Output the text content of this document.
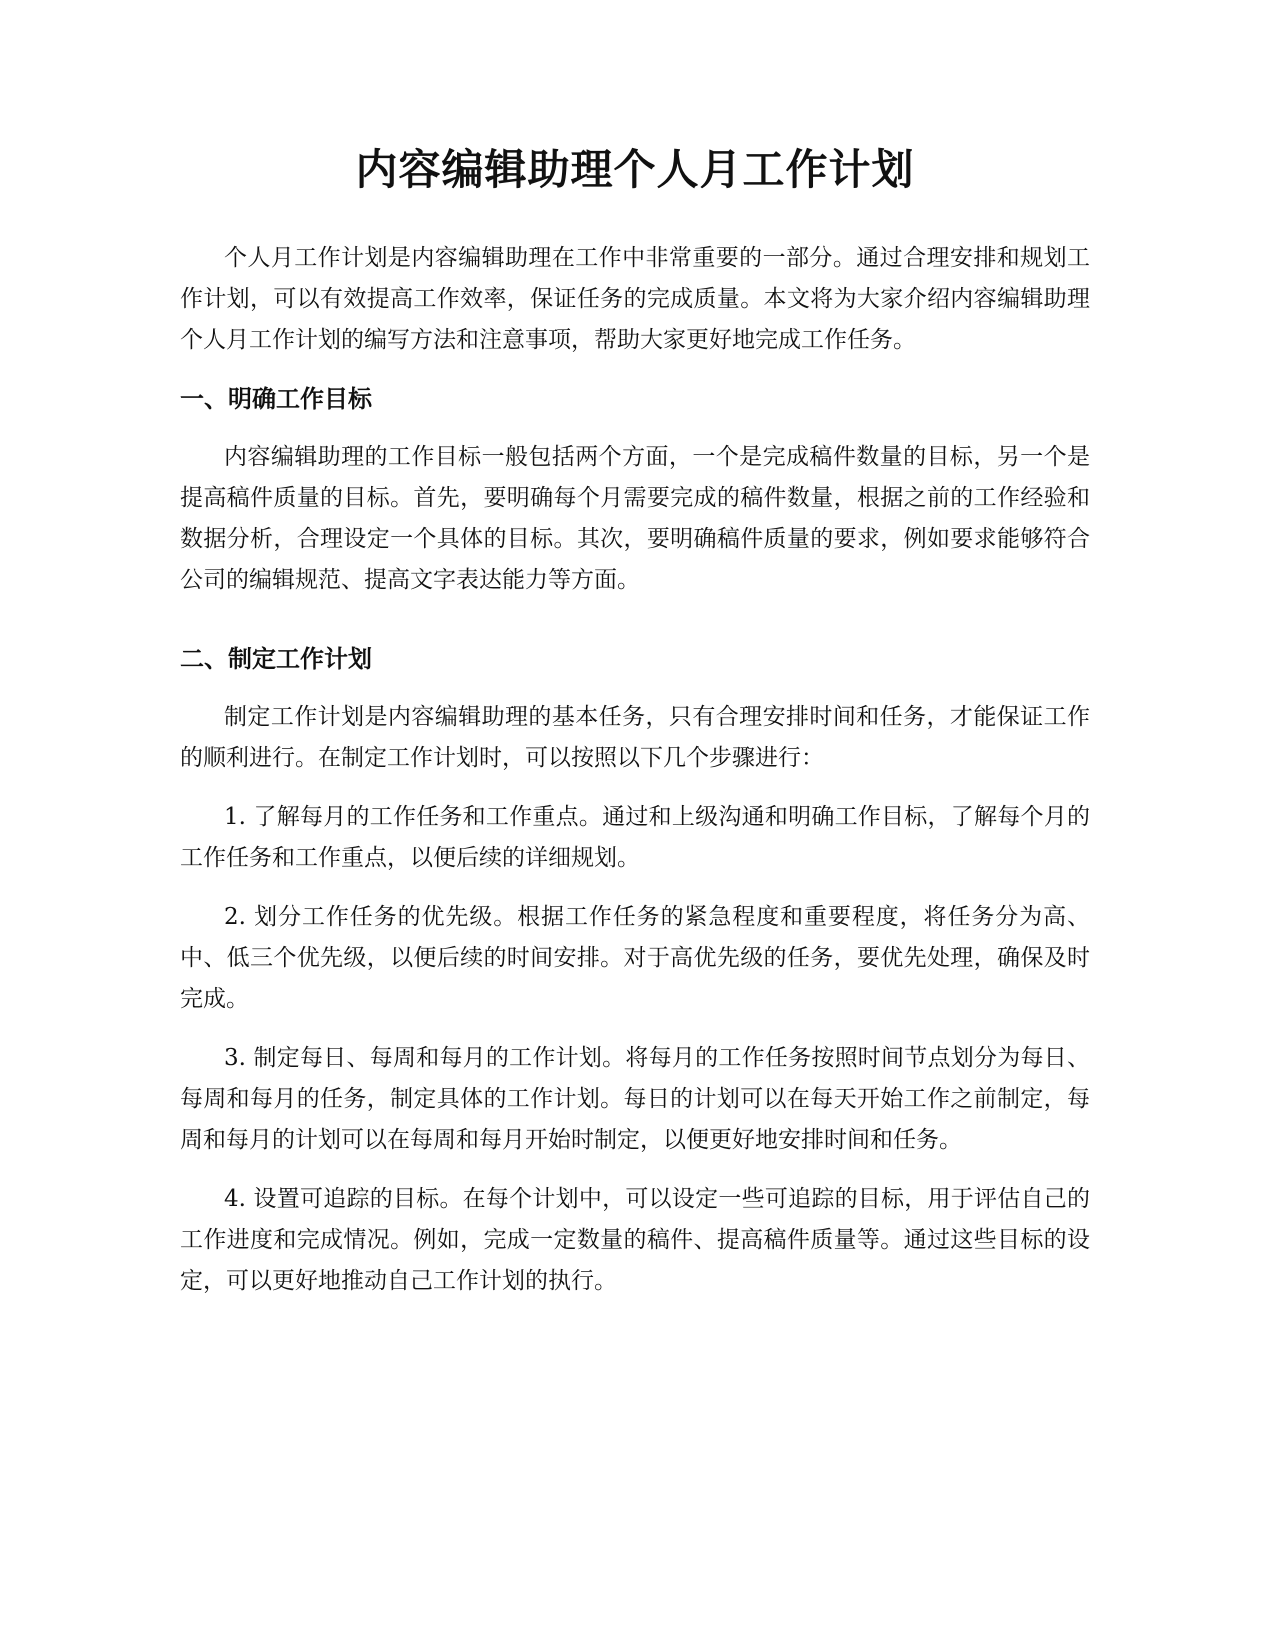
内容编辑助理个人月工作计划

个人月工作计划是内容编辑助理在工作中非常重要的一部分。通过合理安排和规划工作计划，可以有效提高工作效率，保证任务的完成质量。本文将为大家介绍内容编辑助理个人月工作计划的编写方法和注意事项，帮助大家更好地完成工作任务。

一、明确工作目标

内容编辑助理的工作目标一般包括两个方面，一个是完成稿件数量的目标，另一个是提高稿件质量的目标。首先，要明确每个月需要完成的稿件数量，根据之前的工作经验和数据分析，合理设定一个具体的目标。其次，要明确稿件质量的要求，例如要求能够符合公司的编辑规范、提高文字表达能力等方面。

二、制定工作计划

制定工作计划是内容编辑助理的基本任务，只有合理安排时间和任务，才能保证工作的顺利进行。在制定工作计划时，可以按照以下几个步骤进行：

1. 了解每月的工作任务和工作重点。通过和上级沟通和明确工作目标，了解每个月的工作任务和工作重点，以便后续的详细规划。

2. 划分工作任务的优先级。根据工作任务的紧急程度和重要程度，将任务分为高、中、低三个优先级，以便后续的时间安排。对于高优先级的任务，要优先处理，确保及时完成。

3. 制定每日、每周和每月的工作计划。将每月的工作任务按照时间节点划分为每日、每周和每月的任务，制定具体的工作计划。每日的计划可以在每天开始工作之前制定，每周和每月的计划可以在每周和每月开始时制定，以便更好地安排时间和任务。

4. 设置可追踪的目标。在每个计划中，可以设定一些可追踪的目标，用于评估自己的工作进度和完成情况。例如，完成一定数量的稿件、提高稿件质量等。通过这些目标的设定，可以更好地推动自己工作计划的执行。
